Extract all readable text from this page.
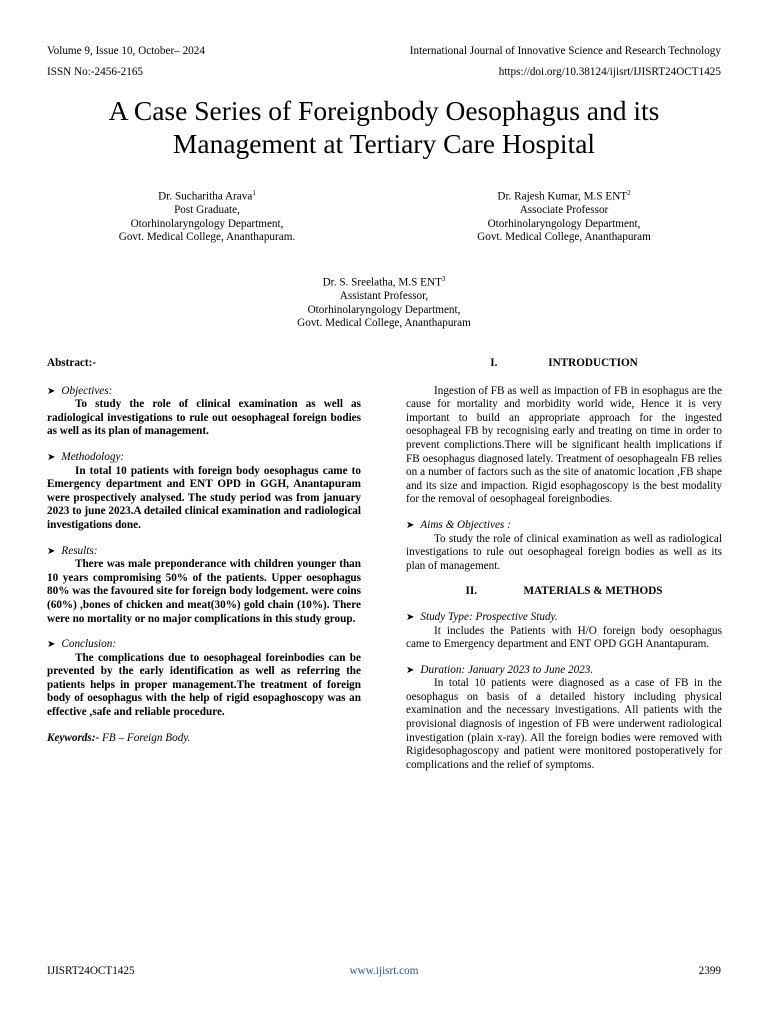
Volume 9, Issue 10, October– 2024	International Journal of Innovative Science and Research Technology
ISSN No:-2456-2165	https://doi.org/10.38124/ijisrt/IJISRT24OCT1425
A Case Series of Foreignbody Oesophagus and its
Management at Tertiary Care Hospital
Dr. Sucharitha Arava$^1$
Post Graduate,
Otorhinolaryngology Department,
Govt. Medical College, Ananthapuram.
Dr. Rajesh Kumar, M.S ENT$^2$
Associate Professor
Otorhinolaryngology Department,
Govt. Medical College, Ananthapuram
Dr. S. Sreelatha, M.S ENT$^3$
Assistant Professor,
Otorhinolaryngology Department,
Govt. Medical College, Ananthapuram

Abstract:-

➤ Objectives:

To study the role of clinical examination as well as radiological investigations to rule out oesophageal foreign bodies as well as its plan of management.

➤ Methodology:

In total 10 patients with foreign body oesophagus came to Emergency department and ENT OPD in GGH, Anantapuram were prospectively analysed. The study period was from january 2023 to june 2023.A detailed clinical examination and radiological investigations done.

➤ Results:

There was male preponderance with children younger than 10 years compromising 50% of the patients. Upper oesophagus 80% was the favoured site for foreign body lodgement. were coins (60%) ,bones of chicken and meat(30%) gold chain (10%). There were no mortality or no major complications in this study group.

➤ Conclusion:

The complications due to oesophageal foreinbodies can be prevented by the early identification as well as referring the patients helps in proper management.The treatment of foreign body of oesophagus with the help of rigid esopaghoscopy was an effective ,safe and reliable procedure.

Keywords:- FB – Foreign Body.

I.	INTRODUCTION

Ingestion of FB as well as impaction of FB in esophagus are the cause for mortality and morbidity world wide, Hence it is very important to build an appropriate approach for the ingested oesophageal FB by recognising early and treating on time in order to prevent complictions.There will be significant health implications if FB oesophagus diagnosed lately. Treatment of oesophagealn FB relies on a number of factors such as the site of anatomic location ,FB shape and its size and impaction. Rigid esophagoscopy is the best modality for the removal of oesophageal foreignbodies.

➤ Aims & Objectives :

To study the role of clinical examination as well as radiological investigations to rule out oesophageal foreign bodies as well as its plan of management.

II.	MATERIALS & METHODS

➤ Study Type: Prospective Study.

It includes the Patients with H/O foreign body oesophagus came to Emergency department and ENT OPD GGH Anantapuram.

➤ Duration: January 2023 to June 2023.

In total 10 patients were diagnosed as a case of FB in the oesophagus on basis of a detailed history including physical examination and the necessary investigations. All patients with the provisional diagnosis of ingestion of FB were underwent radiological investigation (plain x-ray). All the foreign bodies were removed with Rigidesophagoscopy and patient were monitored postoperatively for complications and the relief of symptoms.

IJISRT24OCT1425	www.ijisrt.com	2399
